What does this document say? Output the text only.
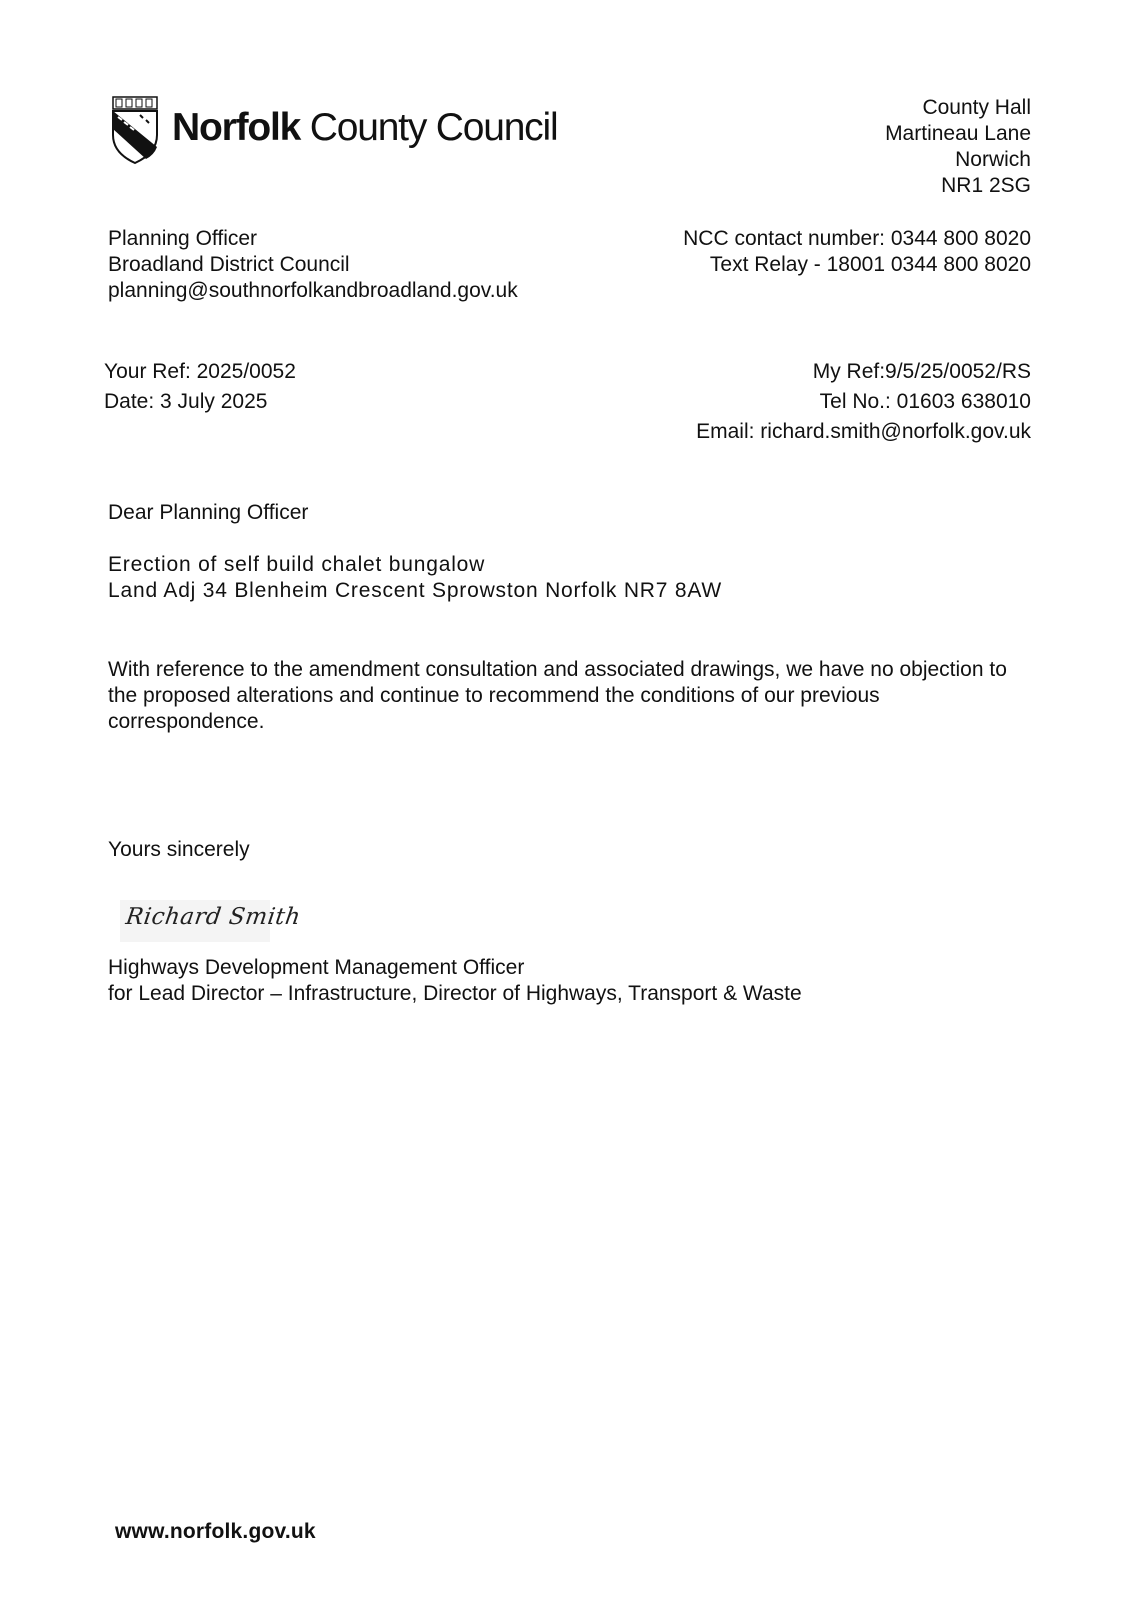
Norfolk County Council	County Hall
Martineau Lane
Norwich
NR1 2SG
Planning Officer
Broadland District Council
planning@southnorfolkandbroadland.gov.uk
NCC contact number: 0344 800 8020
Text Relay - 18001 0344 800 8020
Your Ref: 2025/0052
Date: 3 July 2025
My Ref:9/5/25/0052/RS
Tel No.: 01603 638010
Email: richard.smith@norfolk.gov.uk
Dear Planning Officer
Erection of self build chalet bungalow
Land Adj 34 Blenheim Crescent Sprowston Norfolk NR7 8AW
With reference to the amendment consultation and associated drawings, we have no objection to the proposed alterations and continue to recommend the conditions of our previous correspondence.
Yours sincerely
Richard Smith
Highways Development Management Officer
for Lead Director – Infrastructure, Director of Highways, Transport & Waste
www.norfolk.gov.uk
